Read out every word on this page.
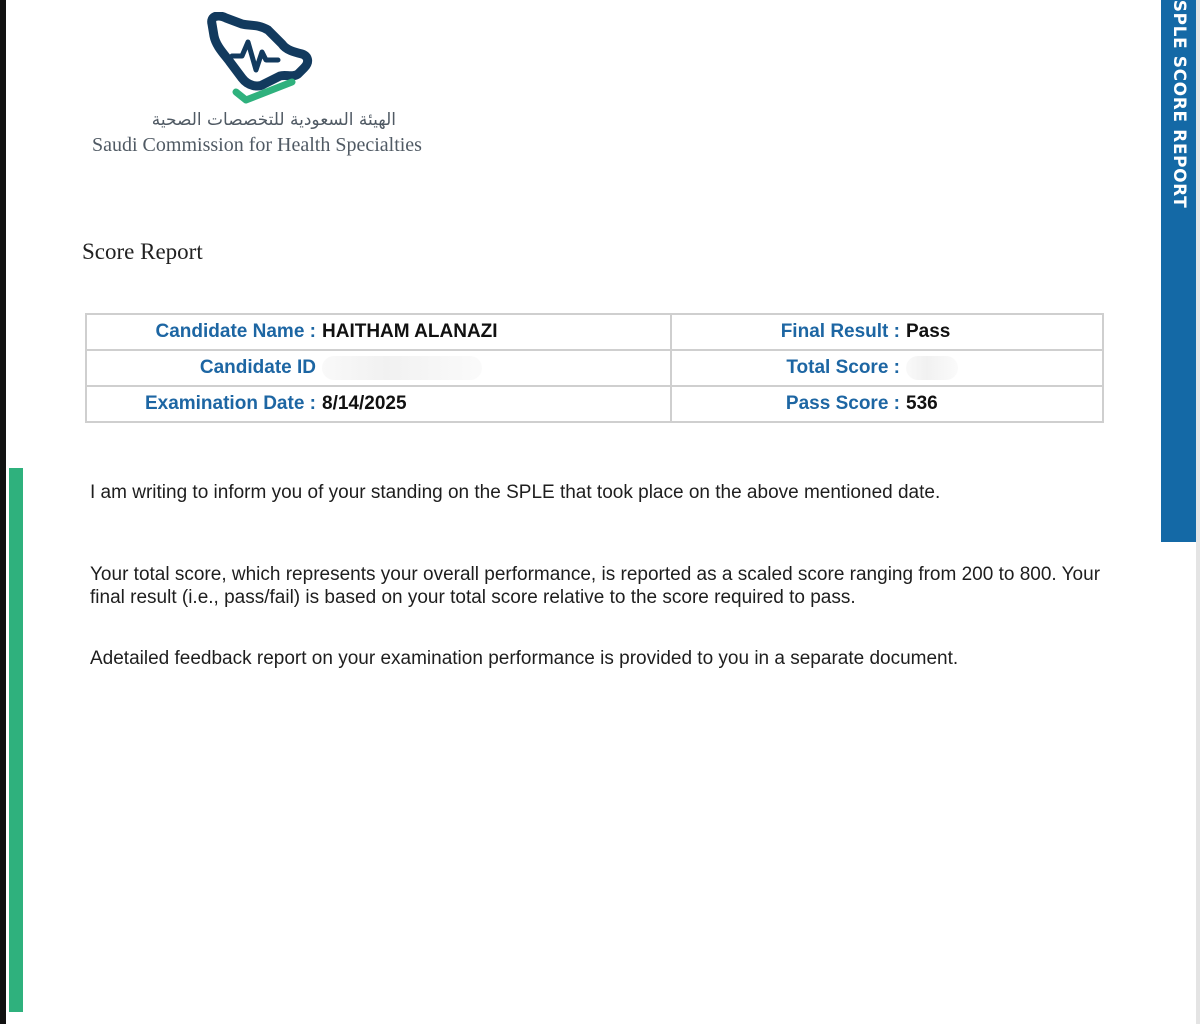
الهيئة السعودية للتخصصات الصحية
Saudi Commission for Health Specialties
Score Report
Candidate Name : HAITHAM ALANAZI	Final Result : Pass
Candidate ID	Total Score :
Examination Date : 8/14/2025	Pass Score : 536

I am writing to inform you of your standing on the SPLE that took place on the above mentioned date.

Your total score, which represents your overall performance, is reported as a scaled score ranging from 200 to 800. Your final result (i.e., pass/fail) is based on your total score relative to the score required to pass.

Adetailed feedback report on your examination performance is provided to you in a separate document.

SPLE SCORE REPORT
